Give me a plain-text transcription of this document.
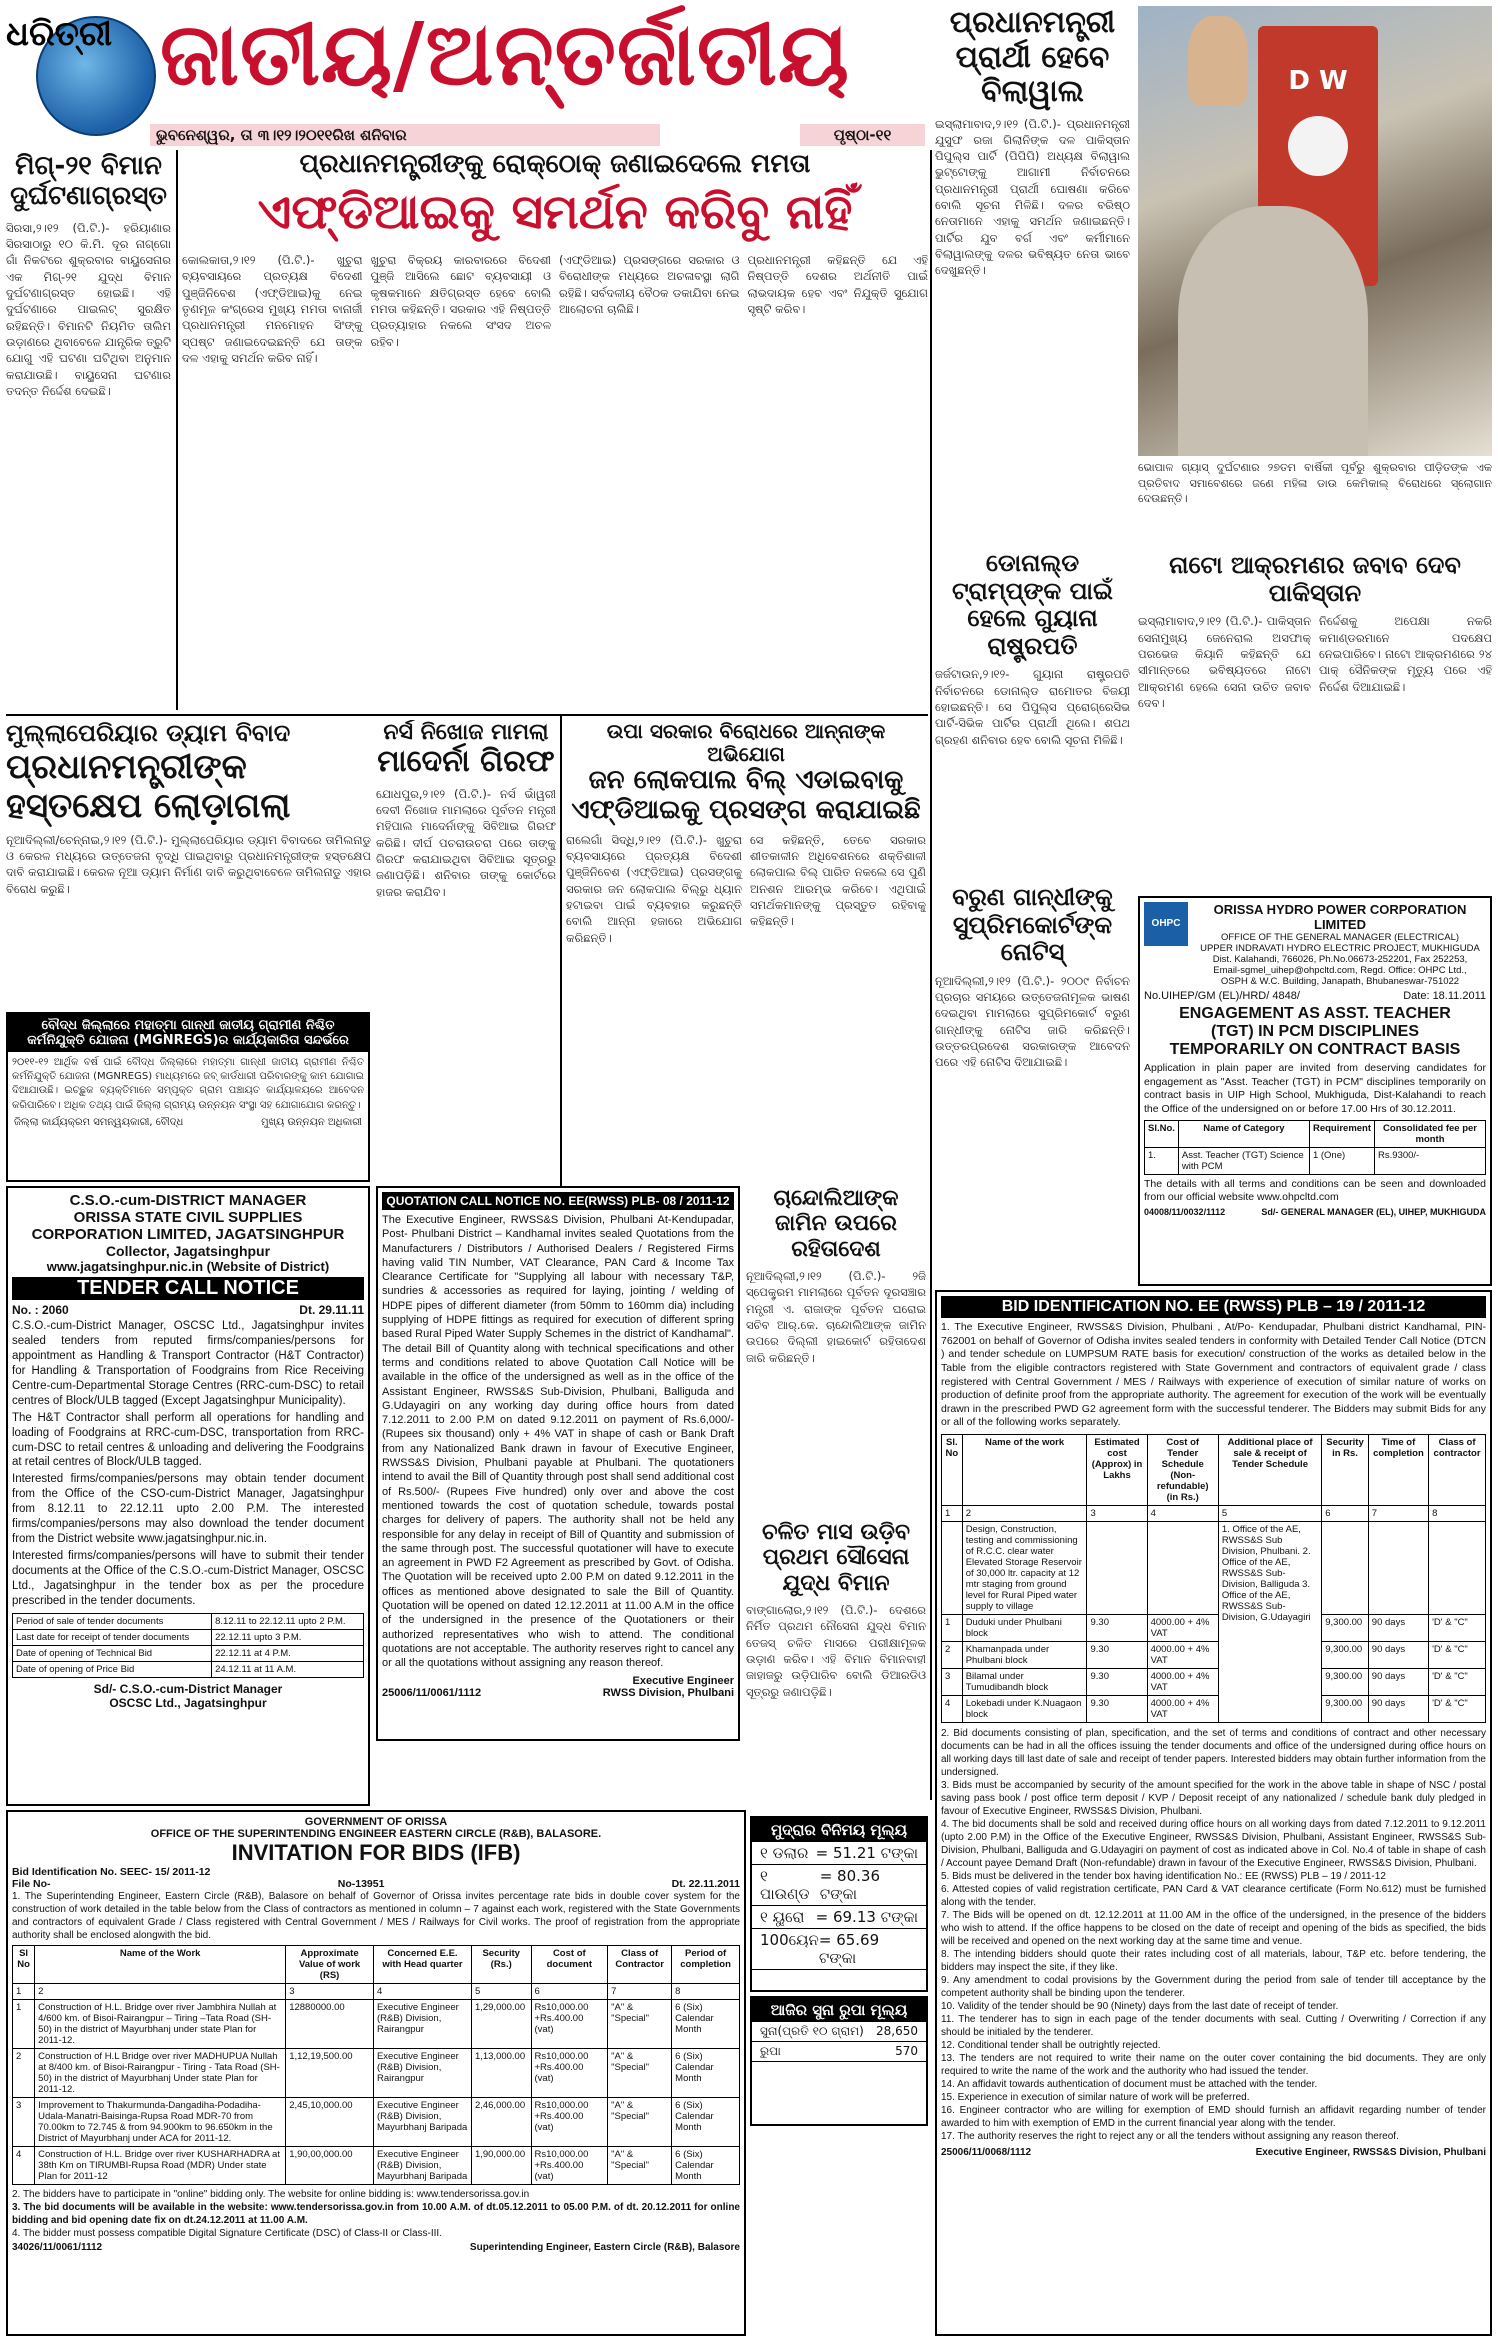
ଧରିତ୍ରୀ ଜାତୀୟ/ଅନ୍ତର୍ଜାତୀୟ
ଭୁବନେଶ୍ୱର, ତା ୩।୧୨।୨୦୧୧ରିଖ ଶନିବାର	ପୃଷ୍ଠା-୧୧
ପ୍ରଧାନମନ୍ତ୍ରୀ ପ୍ରାର୍ଥୀ ହେବେ ବିଲାୱାଲ
ଇସ୍‌ଲାମାବାଦ,୨।୧୨ (ପି.ଟି.)- ପ୍ରଧାନମନ୍ତ୍ରୀ ଯୁସୁଫ ରଜା ଗିଲାନିଙ୍କ ଦଳ ପାକିସ୍ତାନ ପିପୁଲ୍‌ସ ପାର୍ଟି (ପିପିପି) ଅଧ୍ୟକ୍ଷ ବିଲାୱାଲ ଭୁଟ୍ଟୋଙ୍କୁ ଆଗାମୀ ନିର୍ବାଚନରେ ପ୍ରଧାନମନ୍ତ୍ରୀ ପ୍ରାର୍ଥୀ ଘୋଷଣା କରିବେ ବୋଲି ସୂଚନା ମିଳିଛି। ଦଳର ବରିଷ୍ଠ ନେତାମାନେ ଏହାକୁ ସମର୍ଥନ ଜଣାଇଛନ୍ତି। ପାର୍ଟିର ଯୁବ ବର୍ଗ ଏବଂ କର୍ମୀମାନେ ବିଲାୱାଲଙ୍କୁ ଦଳର ଭବିଷ୍ୟତ ନେତା ଭାବେ ଦେଖୁଛନ୍ତି।
D W
ଭୋପାଳ ଗ୍ୟାସ୍ ଦୁର୍ଘଟଣାର ୨୭ତମ ବାର୍ଷିକୀ ପୂର୍ବରୁ ଶୁକ୍ରବାର ପୀଡ଼ିତଙ୍କ ଏକ ପ୍ରତିବାଦ ସମାବେଶରେ ଜଣେ ମହିଳା ଡାଉ କେମିକାଲ୍ ବିରୋଧରେ ସ୍ଲୋଗାନ ଦେଉଛନ୍ତି।
ମିଗ୍-୨୧ ବିମାନ ଦୁର୍ଘଟଣାଗ୍ରସ୍ତ
ସିରସା,୨।୧୨ (ପି.ଟି.)- ହରିୟାଣାର ସିରସାଠାରୁ ୧୦ କି.ମି. ଦୂର ନାଗ୍‌ଗୋ ଗାଁ ନିକଟରେ ଶୁକ୍ରବାର ବାୟୁସେନାର ଏକ ମିଗ୍-୨୧ ଯୁଦ୍ଧ ବିମାନ ଦୁର୍ଘଟଣାଗ୍ରସ୍ତ ହୋଇଛି। ଏହି ଦୁର୍ଘଟଣାରେ ପାଇଲଟ୍ ସୁରକ୍ଷିତ ରହିଛନ୍ତି। ବିମାନଟି ନିୟମିତ ତାଲିମ ଉଡ଼ାଣରେ ଥିବାବେଳେ ଯାନ୍ତ୍ରିକ ତ୍ରୁଟି ଯୋଗୁ ଏହି ଘଟଣା ଘଟିଥିବା ଅନୁମାନ କରାଯାଉଛି। ବାୟୁସେନା ଘଟଣାର ତଦନ୍ତ ନିର୍ଦ୍ଦେଶ ଦେଇଛି।
ପ୍ରଧାନମନ୍ତ୍ରୀଙ୍କୁ ରୋକ୍‌ଠୋକ୍ ଜଣାଇଦେଲେ ମମତା
ଏଫ୍‌ଡିଆଇକୁ ସମର୍ଥନ କରିବୁ ନାହିଁ
କୋଲକାତା,୨।୧୨ (ପି.ଟି.)- ଖୁଚୁରା ବ୍ୟବସାୟରେ ପ୍ରତ୍ୟକ୍ଷ ବିଦେଶୀ ପୁଞ୍ଜିନିବେଶ (ଏଫ୍‌ଡିଆଇ)କୁ ନେଇ ତୃଣମୂଳ କଂଗ୍ରେସ ମୁଖ୍ୟ ମମତା ବାନାର୍ଜୀ ପ୍ରଧାନମନ୍ତ୍ରୀ ମନମୋହନ ସିଂଙ୍କୁ ସ୍ପଷ୍ଟ ଜଣାଇଦେଇଛନ୍ତି ଯେ ତାଙ୍କ ଦଳ ଏହାକୁ ସମର୍ଥନ କରିବ ନାହିଁ।
ଖୁଚୁରା ବିକ୍ରୟ କାରବାରରେ ବିଦେଶୀ ପୁଞ୍ଜି ଆସିଲେ ଛୋଟ ବ୍ୟବସାୟୀ ଓ କୃଷକମାନେ କ୍ଷତିଗ୍ରସ୍ତ ହେବେ ବୋଲି ମମତା କହିଛନ୍ତି। ସରକାର ଏହି ନିଷ୍ପତ୍ତି ପ୍ରତ୍ୟାହାର ନକଲେ ସଂସଦ ଅଚଳ ରହିବ।
(ଏଫ୍‌ଡିଆଇ) ପ୍ରସଙ୍ଗରେ ସରକାର ଓ ବିରୋଧୀଙ୍କ ମଧ୍ୟରେ ଅଚଳାବସ୍ଥା ଲାଗି ରହିଛି। ସର୍ବଦଳୀୟ ବୈଠକ ଡକାଯିବା ନେଇ ଆଲୋଚନା ଚାଲିଛି।
ପ୍ରଧାନମନ୍ତ୍ରୀ କହିଛନ୍ତି ଯେ ଏହି ନିଷ୍ପତ୍ତି ଦେଶର ଅର୍ଥନୀତି ପାଇଁ ଲାଭଦାୟକ ହେବ ଏବଂ ନିଯୁକ୍ତି ସୁଯୋଗ ସୃଷ୍ଟି କରିବ।
ଡୋନାଲ୍ଡ ଟ୍ରାମ୍ପ୍‌ଙ୍କ ପାଇଁ ହେଲେ ଗୁୟାନା ରାଷ୍ଟ୍ରପତି
ଜର୍ଜଟାଉନ,୨।୧୨- ଗୁୟାନା ରାଷ୍ଟ୍ରପତି ନିର୍ବାଚନରେ ଡୋନାଲ୍ଡ ରାମୋତର ବିଜୟୀ ହୋଇଛନ୍ତି। ସେ ପିପୁଲ୍‌ସ ପ୍ରୋଗ୍ରେସିଭ ପାର୍ଟି-ସିଭିକ ପାର୍ଟିର ପ୍ରାର୍ଥୀ ଥିଲେ। ଶପଥ ଗ୍ରହଣ ଶନିବାର ହେବ ବୋଲି ସୂଚନା ମିଳିଛି।
ନାଟୋ ଆକ୍ରମଣର ଜବାବ ଦେବ ପାକିସ୍ତାନ
ଇସ୍‌ଲାମାବାଦ,୨।୧୨ (ପି.ଟି.)- ପାକିସ୍ତାନ ସେନାମୁଖ୍ୟ ଜେନେରାଲ ଅସଫାକ୍ ପରଭେଜ କିୟାନି କହିଛନ୍ତି ଯେ ସୀମାନ୍ତରେ ଭବିଷ୍ୟତରେ ନାଟୋ ଆକ୍ରମଣ ହେଲେ ସେନା ଉଚିତ ଜବାବ ଦେବ।
ନିର୍ଦ୍ଦେଶକୁ ଅପେକ୍ଷା ନକରି କମାଣ୍ଡରମାନେ ପଦକ୍ଷେପ ନେଇପାରିବେ। ନାଟୋ ଆକ୍ରମଣରେ ୨୪ ପାକ୍ ସୈନିକଙ୍କ ମୃତ୍ୟୁ ପରେ ଏହି ନିର୍ଦ୍ଦେଶ ଦିଆଯାଇଛି।
ମୁଲ୍ଲାପେରିୟାର ଡ୍ୟାମ ବିବାଦ
ପ୍ରଧାନମନ୍ତ୍ରୀଙ୍କ ହସ୍ତକ୍ଷେପ ଲୋଡ଼ାଗଲା
ନୂଆଦିଲ୍ଲୀ/ଚେନ୍ନାଇ,୨।୧୨ (ପି.ଟି.)- ମୁଲ୍ଲାପେରିୟାର ଡ୍ୟାମ ବିବାଦରେ ତାମିଲନାଡୁ ଓ କେରଳ ମଧ୍ୟରେ ଉତ୍ତେଜନା ବୃଦ୍ଧି ପାଇଥିବାରୁ ପ୍ରଧାନମନ୍ତ୍ରୀଙ୍କ ହସ୍ତକ୍ଷେପ ଦାବି କରାଯାଇଛି। କେରଳ ନୂଆ ଡ୍ୟାମ ନିର୍ମାଣ ଦାବି କରୁଥିବାବେଳେ ତାମିଲନାଡୁ ଏହାର ବିରୋଧ କରୁଛି।
ନର୍ସ ନିଖୋଜ ମାମଲା
ମାଦେର୍ନା ଗିରଫ
ଯୋଧପୁର,୨।୧୨ (ପି.ଟି.)- ନର୍ସ ଭାଁୱରୀ ଦେବୀ ନିଖୋଜ ମାମଲାରେ ପୂର୍ବତନ ମନ୍ତ୍ରୀ ମହିପାଲ ମାଦେର୍ନାଙ୍କୁ ସିବିଆଇ ଗିରଫ କରିଛି। ଦୀର୍ଘ ପଚରାଉଚରା ପରେ ତାଙ୍କୁ ଗିରଫ କରାଯାଇଥିବା ସିବିଆଇ ସୂତ୍ରରୁ ଜଣାପଡ଼ିଛି। ଶନିବାର ତାଙ୍କୁ କୋର୍ଟରେ ହାଜର କରାଯିବ।
ଉପା ସରକାର ବିରୋଧରେ ଆନ୍ନାଙ୍କ ଅଭିଯୋଗ
ଜନ ଲୋକପାଲ ବିଲ୍ ଏଡାଇବାକୁ ଏଫ୍‌ଡିଆଇକୁ ପ୍ରସଙ୍ଗ କରାଯାଇଛି
ରାଲେଗାଁ ସିଦ୍ଧି,୨।୧୨ (ପି.ଟି.)- ଖୁଚୁରା ବ୍ୟବସାୟରେ ପ୍ରତ୍ୟକ୍ଷ ବିଦେଶୀ ପୁଞ୍ଜିନିବେଶ (ଏଫ୍‌ଡିଆଇ) ପ୍ରସଙ୍ଗକୁ ସରକାର ଜନ ଲୋକପାଲ ବିଲ୍‌ରୁ ଧ୍ୟାନ ହଟାଇବା ପାଇଁ ବ୍ୟବହାର କରୁଛନ୍ତି ବୋଲି ଆନ୍ନା ହଜାରେ ଅଭିଯୋଗ କରିଛନ୍ତି।
ସେ କହିଛନ୍ତି, ତେବେ ସରକାର ଶୀତକାଳୀନ ଅଧିବେଶନରେ ଶକ୍ତିଶାଳୀ ଲୋକପାଲ ବିଲ୍ ପାରିତ ନକଲେ ସେ ପୁଣି ଅନଶନ ଆରମ୍ଭ କରିବେ। ଏଥିପାଇଁ ସମର୍ଥକମାନଙ୍କୁ ପ୍ରସ୍ତୁତ ରହିବାକୁ କହିଛନ୍ତି।
ବରୁଣ ଗାନ୍ଧୀଙ୍କୁ ସୁପ୍ରିମକୋର୍ଟଙ୍କ ନୋଟିସ୍
ନୂଆଦିଲ୍ଲୀ,୨।୧୨ (ପି.ଟି.)- ୨୦୦୯ ନିର୍ବାଚନ ପ୍ରଚାର ସମୟରେ ଉତ୍ତେଜନାମୂଳକ ଭାଷଣ ଦେଇଥିବା ମାମଲାରେ ସୁପ୍ରିମକୋର୍ଟ ବରୁଣ ଗାନ୍ଧୀଙ୍କୁ ନୋଟିସ ଜାରି କରିଛନ୍ତି। ଉତ୍ତରପ୍ରଦେଶ ସରକାରଙ୍କ ଆବେଦନ ପରେ ଏହି ନୋଟିସ ଦିଆଯାଇଛି।
ବୌଦ୍ଧ ଜିଲ୍ଲାରେ ମହାତ୍ମା ଗାନ୍ଧୀ ଜାତୀୟ ଗ୍ରାମୀଣ ନିଶ୍ଚିତ କର୍ମନିଯୁକ୍ତି ଯୋଜନା (MGNREGS)ର କାର୍ଯ୍ୟକାରିତା ସନ୍ଦର୍ଭରେ
୨୦୧୧-୧୨ ଆର୍ଥିକ ବର୍ଷ ପାଇଁ ବୌଦ୍ଧ ଜିଲ୍ଲାରେ ମହାତ୍ମା ଗାନ୍ଧୀ ଜାତୀୟ ଗ୍ରାମୀଣ ନିଶ୍ଚିତ କର୍ମନିଯୁକ୍ତି ଯୋଜନା (MGNREGS) ମାଧ୍ୟମରେ ଜବ୍ କାର୍ଡଧାରୀ ପରିବାରଙ୍କୁ କାମ ଯୋଗାଇ ଦିଆଯାଉଛି। ଇଚ୍ଛୁକ ବ୍ୟକ୍ତିମାନେ ସମ୍ପୃକ୍ତ ଗ୍ରାମ ପଞ୍ଚାୟତ କାର୍ଯ୍ୟାଳୟରେ ଆବେଦନ କରିପାରିବେ। ଅଧିକ ତଥ୍ୟ ପାଇଁ ଜିଲ୍ଲା ଗ୍ରାମ୍ୟ ଉନ୍ନୟନ ସଂସ୍ଥା ସହ ଯୋଗାଯୋଗ କରନ୍ତୁ।
ଜିଲ୍ଲା କାର୍ଯ୍ୟକ୍ରମ ସମନ୍ୱୟକାରୀ, ବୌଦ୍ଧ	ମୁଖ୍ୟ ଉନ୍ନୟନ ଅଧିକାରୀ
C.S.O.-cum-DISTRICT MANAGER
ORISSA STATE CIVIL SUPPLIES
CORPORATION LIMITED, JAGATSINGHPUR
Collector, Jagatsinghpur
www.jagatsinghpur.nic.in (Website of District)
TENDER CALL NOTICE
No. : 2060	Dt. 29.11.11
C.S.O.-cum-District Manager, OSCSC Ltd., Jagatsinghpur invites sealed tenders from reputed firms/companies/persons for appointment as Handling & Transport Contractor (H&T Contractor) for Handling & Transportation of Foodgrains from Rice Receiving Centre-cum-Departmental Storage Centres (RRC-cum-DSC) to retail centres of Block/ULB tagged (Except Jagatsinghpur Municipality).
The H&T Contractor shall perform all operations for handling and loading of Foodgrains at RRC-cum-DSC, transportation from RRC-cum-DSC to retail centres & unloading and delivering the Foodgrains at retail centres of Block/ULB tagged.
Interested firms/companies/persons may obtain tender document from the Office of the CSO-cum-District Manager, Jagatsinghpur from 8.12.11 to 22.12.11 upto 2.00 P.M. The interested firms/companies/persons may also download the tender document from the District website www.jagatsinghpur.nic.in.
Interested firms/companies/persons will have to submit their tender documents at the Office of the C.S.O.-cum-District Manager, OSCSC Ltd., Jagatsinghpur in the tender box as per the procedure prescribed in the tender documents.
Period of sale of tender documents	8.12.11 to 22.12.11 upto 2 P.M.
Last date for receipt of tender documents	22.12.11 upto 3 P.M.
Date of opening of Technical Bid	22.12.11 at 4 P.M.
Date of opening of Price Bid	24.12.11 at 11 A.M.
Sd/- C.S.O.-cum-District Manager
OSCSC Ltd., Jagatsinghpur
QUOTATION CALL NOTICE NO. EE(RWSS) PLB- 08 / 2011-12
The Executive Engineer, RWSS&S Division, Phulbani At-Kendupadar, Post- Phulbani District – Kandhamal invites sealed Quotations from the Manufacturers / Distributors / Authorised Dealers / Registered Firms having valid TIN Number, VAT Clearance, PAN Card & Income Tax Clearance Certificate for "Supplying all labour with necessary T&P, sundries & accessories as required for laying, jointing / welding of HDPE pipes of different diameter (from 50mm to 160mm dia) including supplying of HDPE fittings as required for execution of different spring based Rural Piped Water Supply Schemes in the district of Kandhamal". The detail Bill of Quantity along with technical specifications and other terms and conditions related to above Quotation Call Notice will be available in the office of the undersigned as well as in the office of the Assistant Engineer, RWSS&S Sub-Division, Phulbani, Balliguda and G.Udayagiri on any working day during office hours from dated 7.12.2011 to 2.00 P.M on dated 9.12.2011 on payment of Rs.6,000/- (Rupees six thousand) only + 4% VAT in shape of cash or Bank Draft from any Nationalized Bank drawn in favour of Executive Engineer, RWSS&S Division, Phulbani payable at Phulbani. The quotationers intend to avail the Bill of Quantity through post shall send additional cost of Rs.500/- (Rupees Five hundred) only over and above the cost mentioned towards the cost of quotation schedule, towards postal charges for delivery of papers. The authority shall not be held any responsible for any delay in receipt of Bill of Quantity and submission of the same through post. The successful quotationer will have to execute an agreement in PWD F2 Agreement as prescribed by Govt. of Odisha. The Quotation will be received upto 2.00 P.M on dated 9.12.2011 in the offices as mentioned above designated to sale the Bill of Quantity. Quotation will be opened on dated 12.12.2011 at 11.00 A.M in the office of the undersigned in the presence of the Quotationers or their authorized representatives who wish to attend. The conditional quotations are not acceptable. The authority reserves right to cancel any or all the quotations without assigning any reason thereof.
Executive Engineer
25006/11/0061/1112	RWSS Division, Phulbani
ଚାନ୍ଦୋଲିଆଙ୍କ ଜାମିନ ଉପରେ ରହିତାଦେଶ
ନୂଆଦିଲ୍ଲୀ,୨।୧୨ (ପି.ଟି.)- ୨ଜି ସ୍ପେକ୍ଟ୍ରମ ମାମଲାରେ ପୂର୍ବତନ ଦୂରସଞ୍ଚାର ମନ୍ତ୍ରୀ ଏ. ରାଜାଙ୍କ ପୂର୍ବତନ ଘରୋଇ ସଚିବ ଆର୍.କେ. ଚାନ୍ଦୋଲିଆଙ୍କ ଜାମିନ ଉପରେ ଦିଲ୍ଲୀ ହାଇକୋର୍ଟ ରହିତାଦେଶ ଜାରି କରିଛନ୍ତି।
ଚଳିତ ମାସ ଉଡ଼ିବ ପ୍ରଥମ ସୌସେନା ଯୁଦ୍ଧ ବିମାନ
ବାଙ୍ଗାଲୋର,୨।୧୨ (ପି.ଟି.)- ଦେଶରେ ନିର୍ମିତ ପ୍ରଥମ ନୌସେନା ଯୁଦ୍ଧ ବିମାନ ତେଜସ୍ ଚଳିତ ମାସରେ ପରୀକ୍ଷାମୂଳକ ଉଡ଼ାଣ କରିବ। ଏହି ବିମାନ ବିମାନବାହୀ ଜାହାଜରୁ ଉଡ଼ିପାରିବ ବୋଲି ଡିଆରଡିଓ ସୂତ୍ରରୁ ଜଣାପଡ଼ିଛି।
OHPC
ORISSA HYDRO POWER CORPORATION LIMITED
OFFICE OF THE GENERAL MANAGER (ELECTRICAL)
UPPER INDRAVATI HYDRO ELECTRIC PROJECT, MUKHIGUDA
Dist. Kalahandi, 766026, Ph.No.06673-252201, Fax 252253,
Email-sgmel_uihep@ohpcltd.com, Regd. Office: OHPC Ltd.,
OSPH & W.C. Building, Janapath, Bhubaneswar-751022
No.UIHEP/GM (EL)/HRD/ 4848/	Date: 18.11.2011
ENGAGEMENT AS ASST. TEACHER
(TGT) IN PCM DISCIPLINES
TEMPORARILY ON CONTRACT BASIS
Application in plain paper are invited from deserving candidates for engagement as "Asst. Teacher (TGT) in PCM" disciplines temporarily on contract basis in UIP High School, Mukhiguda, Dist-Kalahandi to reach the Office of the undersigned on or before 17.00 Hrs of 30.12.2011.
Sl.No.	Name of Category	Requirement	Consolidated fee per month
1.	Asst. Teacher (TGT) Science with PCM	1 (One)	Rs.9300/-
The details with all terms and conditions can be seen and downloaded from our official website www.ohpcltd.com
04008/11/0032/1112	Sd/- GENERAL MANAGER (EL), UIHEP, MUKHIGUDA
BID IDENTIFICATION NO. EE (RWSS) PLB – 19 / 2011-12
1. The Executive Engineer, RWSS&S Division, Phulbani , At/Po- Kendupadar, Phulbani district Kandhamal, PIN-762001 on behalf of Governor of Odisha invites sealed tenders in conformity with Detailed Tender Call Notice (DTCN ) and tender schedule on LUMPSUM RATE basis for execution/ construction of the works as detailed below in the Table from the eligible contractors registered with State Government and contractors of equivalent grade / class registered with Central Government / MES / Railways with experience of execution of similar nature of works on production of definite proof from the appropriate authority. The agreement for execution of the work will be eventually drawn in the prescribed PWD G2 agreement form with the successful tenderer. The Bidders may submit Bids for any or all of the following works separately.
Sl. No	Name of the work	Estimated cost (Approx) in Lakhs	Cost of Tender Schedule (Non-refundable) (in Rs.)	Additional place of sale & receipt of Tender Schedule	Security in Rs.	Time of completion	Class of contractor
1	2	3	4	5	6	7	8
	Design, Construction, testing and commissioning of R.C.C. clear water Elevated Storage Reservoir of 30,000 ltr. capacity at 12 mtr staging from ground level for Rural Piped water supply to village			1. Office of the AE, RWSS&S Sub Division, Phulbani. 2. Office of the AE, RWSS&S Sub-Division, Balliguda 3. Office of the AE, RWSS&S Sub-Division, G.Udayagiri			
1	Duduki under Phulbani block	9.30	4000.00 + 4% VAT		9,300.00	90 days	'D' & "C"
2	Khamanpada under Phulbani block	9.30	4000.00 + 4% VAT		9,300.00	90 days	'D' & "C"
3	Bilamal under Tumudibandh block	9.30	4000.00 + 4% VAT		9,300.00	90 days	'D' & "C"
4	Lokebadi under K.Nuagaon block	9.30	4000.00 + 4% VAT		9,300.00	90 days	'D' & "C"
2. Bid documents consisting of plan, specification, and the set of terms and conditions of contract and other necessary documents can be had in all the offices issuing the tender documents and office of the undersigned during office hours on all working days till last date of sale and receipt of tender papers. Interested bidders may obtain further information from the undersigned.
3. Bids must be accompanied by security of the amount specified for the work in the above table in shape of NSC / postal saving pass book / post office term deposit / KVP / Deposit receipt of any nationalized / schedule bank duly pledged in favour of Executive Engineer, RWSS&S Division, Phulbani.
4. The bid documents shall be sold and received during office hours on all working days from dated 7.12.2011 to 9.12.2011 (upto 2.00 P.M) in the Office of the Executive Engineer, RWSS&S Division, Phulbani, Assistant Engineer, RWSS&S Sub-Division, Phulbani, Balliguda and G.Udayagiri on payment of cost as indicated above in Col. No.4 of table in shape of cash / Account payee Demand Draft (Non-refundable) drawn in favour of the Executive Engineer, RWSS&S Division, Phulbani.
5. Bids must be delivered in the tender box having identification No.: EE (RWSS) PLB – 19 / 2011-12
6. Attested copies of valid registration certificate, PAN Card & VAT clearance certificate (Form No.612) must be furnished along with the tender.
7. The Bids will be opened on dt. 12.12.2011 at 11.00 AM in the office of the undersigned, in the presence of the bidders who wish to attend. If the office happens to be closed on the date of receipt and opening of the bids as specified, the bids will be received and opened on the next working day at the same time and venue.
8. The intending bidders should quote their rates including cost of all materials, labour, T&P etc. before tendering, the bidders may inspect the site, if they like.
9. Any amendment to codal provisions by the Government during the period from sale of tender till acceptance by the competent authority shall be binding upon the tenderer.
10. Validity of the tender should be 90 (Ninety) days from the last date of receipt of tender.
11. The tenderer has to sign in each page of the tender documents with seal. Cutting / Overwriting / Correction if any should be initialed by the tenderer.
12. Conditional tender shall be outrightly rejected.
13. The tenders are not required to write their name on the outer cover containing the bid documents. They are only required to write the name of the work and the authority who had issued the tender.
14. An affidavit towards authentication of document must be attached with the tender.
15. Experience in execution of similar nature of work will be preferred.
16. Engineer contractor who are willing for exemption of EMD should furnish an affidavit regarding number of tender awarded to him with exemption of EMD in the current financial year along with the tender.
17. The authority reserves the right to reject any or all the tenders without assigning any reason thereof.
25006/11/0068/1112	Executive Engineer, RWSS&S Division, Phulbani
GOVERNMENT OF ORISSA
OFFICE OF THE SUPERINTENDING ENGINEER EASTERN CIRCLE (R&B), BALASORE.
INVITATION FOR BIDS (IFB)
Bid Identification No. SEEC- 15/ 2011-12
File No-	No-13951	Dt. 22.11.2011
1. The Superintending Engineer, Eastern Circle (R&B), Balasore on behalf of Governor of Orissa invites percentage rate bids in double cover system for the construction of work detailed in the table below from the Class of contractors as mentioned in column – 7 against each work, registered with the State Governments and contractors of equivalent Grade / Class registered with Central Government / MES / Railways for Civil works. The proof of registration from the appropriate authority shall be enclosed alongwith the bid.
Sl No	Name of the Work	Approximate Value of work (RS)	Concerned E.E. with Head quarter	Security (Rs.)	Cost of document	Class of Contractor	Period of completion
1	2	3	4	5	6	7	8
1	Construction of H.L. Bridge over river Jambhira Nullah at 4/600 km. of Bisoi-Rairangpur – Tiring –Tata Road (SH-50) in the district of Mayurbhanj under state Plan for 2011-12.	12880000.00	Executive Engineer (R&B) Division, Rairangpur	1,29,000.00	Rs10,000.00 +Rs.400.00 (vat)	"A" & "Special"	6 (Six) Calendar Month
2	Construction of H.L Bridge over river MADHUPUA Nullah at 8/400 km. of Bisoi-Rairangpur - Tiring - Tata Road (SH-50) in the district of Mayurbhanj Under state Plan for 2011-12.	1,12,19,500.00	Executive Engineer (R&B) Division, Rairangpur	1,13,000.00	Rs10,000.00 +Rs.400.00 (vat)	"A" & "Special"	6 (Six) Calendar Month
3	Improvement to Thakurmunda-Dangadiha-Podadiha-Udala-Manatri-Baisinga-Rupsa Road MDR-70 from 70.00km to 72.745 & from 94.900km to 96.650km in the District of Mayurbhanj under ACA for 2011-12.	2,45,10,000.00	Executive Engineer (R&B) Division, Mayurbhanj Baripada	2,46,000.00	Rs10,000.00 +Rs.400.00 (vat)	"A" & "Special"	6 (Six) Calendar Month
4	Construction of H.L. Bridge over river KUSHARHADRA at 38th Km on TIRUMBI-Rupsa Road (MDR) Under state Plan for 2011-12	1,90,00,000.00	Executive Engineer (R&B) Division, Mayurbhanj Baripada	1,90,000.00	Rs10,000.00 +Rs.400.00 (vat)	"A" & "Special"	6 (Six) Calendar Month
2. The bidders have to participate in "online" bidding only. The website for online bidding is: www.tendersorissa.gov.in
3. The bid documents will be available in the website: www.tendersorissa.gov.in from 10.00 A.M. of dt.05.12.2011 to 05.00 P.M. of dt. 20.12.2011 for online bidding and bid opening date fix on dt.24.12.2011 at 11.00 A.M.
4. The bidder must possess compatible Digital Signature Certificate (DSC) of Class-II or Class-III.
34026/11/0061/1112	Superintending Engineer, Eastern Circle (R&B), Balasore
ମୁଦ୍ରାର ବିନିମୟ ମୂଲ୍ୟ
୧ ଡଲାର = 51.21 ଟଙ୍କା
୧ ପାଉଣ୍ଡ
= 80.36 ଟଙ୍କା
୧ ୟୁରୋ = 69.13 ଟଙ୍କା
100ୟେନ = 65.69 ଟଙ୍କା
ଆଜିର ସୁନା ରୁପା ମୂଲ୍ୟ
ସୁନା(ପ୍ରତି ୧୦ ଗ୍ରାମ) 28,650
ରୁପା	570
